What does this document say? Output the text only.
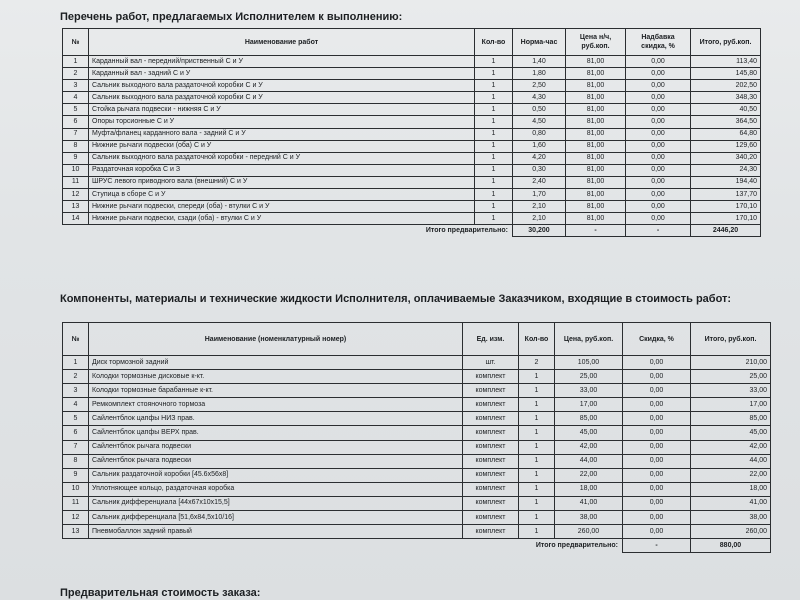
Перечень работ, предлагаемых Исполнителем к выполнению:

№	Наименование работ	Кол-во	Норма-час	Цена н/ч, руб.коп.	Надбавка скидка, %	Итого, руб.коп.
1	Карданный вал - передний/приственный С и У	1	1,40	81,00	0,00	113,40
2	Карданный вал - задний С и У	1	1,80	81,00	0,00	145,80
3	Сальник выходного вала раздаточной коробки С и У	1	2,50	81,00	0,00	202,50
4	Сальник выходного вала раздаточной коробки С и У	1	4,30	81,00	0,00	348,30
5	Стойка рычага подвески - нижняя С и У	1	0,50	81,00	0,00	40,50
6	Опоры торсионные С и У	1	4,50	81,00	0,00	364,50
7	Муфта/фланец карданного вала - задний С и У	1	0,80	81,00	0,00	64,80
8	Нижние рычаги подвески (оба) С и У	1	1,60	81,00	0,00	129,60
9	Сальник выходного вала раздаточной коробки - передний С и У	1	4,20	81,00	0,00	340,20
10	Раздаточная коробка С и З	1	0,30	81,00	0,00	24,30
11	ШРУС левого приводного вала (внешний) С и У	1	2,40	81,00	0,00	194,40
12	Ступица в сборе С и У	1	1,70	81,00	0,00	137,70
13	Нижние рычаги подвески, спереди (оба) - втулки С и У	1	2,10	81,00	0,00	170,10
14	Нижние рычаги подвески, сзади (оба) - втулки С и У	1	2,10	81,00	0,00	170,10
	Итого предварительно:		30,200	-	-	2446,20

Компоненты, материалы и технические жидкости Исполнителя, оплачиваемые Заказчиком, входящие в стоимость работ:

№	Наименование (номенклатурный номер)	Ед. изм.	Кол-во	Цена, руб.коп.	Скидка, %	Итого, руб.коп.
1	Диск тормозной задний	шт.	2	105,00	0,00	210,00
2	Колодки тормозные дисковые к-кт.	комплект	1	25,00	0,00	25,00
3	Колодки тормозные барабанные к-кт.	комплект	1	33,00	0,00	33,00
4	Ремкомплект стояночного тормоза	комплект	1	17,00	0,00	17,00
5	Сайлентблок цапфы НИЗ прав.	комплект	1	85,00	0,00	85,00
6	Сайлентблок цапфы ВЕРХ прав.	комплект	1	45,00	0,00	45,00
7	Сайлентблок рычага подвески	комплект	1	42,00	0,00	42,00
8	Сайлентблок рычага подвески	комплект	1	44,00	0,00	44,00
9	Сальник раздаточной коробки [45.6х56х8]	комплект	1	22,00	0,00	22,00
10	Уплотняющее кольцо, раздаточная коробка	комплект	1	18,00	0,00	18,00
11	Сальник дифференциала [44х67х10х15,5]	комплект	1	41,00	0,00	41,00
12	Сальник дифференциала [51,6х84,5х10/16]	комплект	1	38,00	0,00	38,00
13	Пневмобаллон задний правый	комплект	1	260,00	0,00	260,00
	Итого предварительно:				-	880,00

Предварительная стоимость заказа:
